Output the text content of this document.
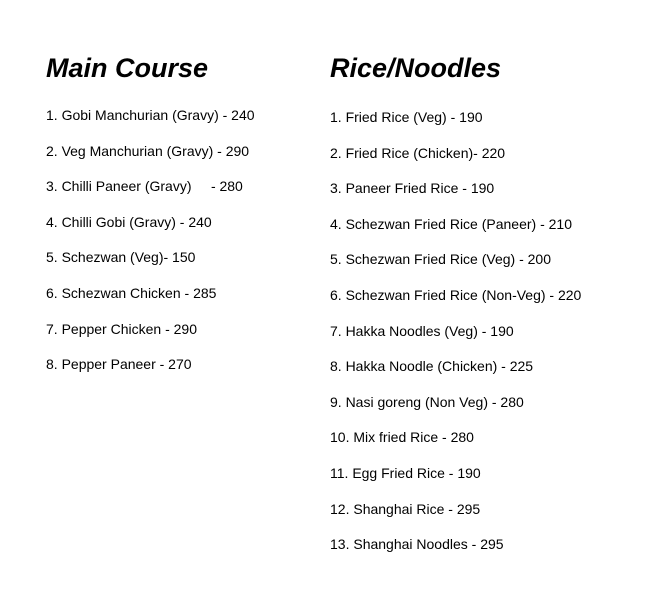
Main Course
1. Gobi Manchurian (Gravy) - 240
2. Veg Manchurian (Gravy) - 290
3. Chilli Paneer (Gravy)     - 280
4. Chilli Gobi (Gravy) - 240
5. Schezwan (Veg)- 150
6. Schezwan Chicken - 285
7. Pepper Chicken - 290
8. Pepper Paneer - 270
Rice/Noodles
1. Fried Rice (Veg) - 190
2. Fried Rice (Chicken)- 220
3. Paneer Fried Rice - 190
4. Schezwan Fried Rice (Paneer) - 210
5. Schezwan Fried Rice (Veg) - 200
6. Schezwan Fried Rice (Non-Veg) - 220
7. Hakka Noodles (Veg) - 190
8. Hakka Noodle (Chicken) - 225
9. Nasi goreng (Non Veg) - 280
10. Mix fried Rice - 280
11. Egg Fried Rice - 190
12. Shanghai Rice - 295
13. Shanghai Noodles - 295
